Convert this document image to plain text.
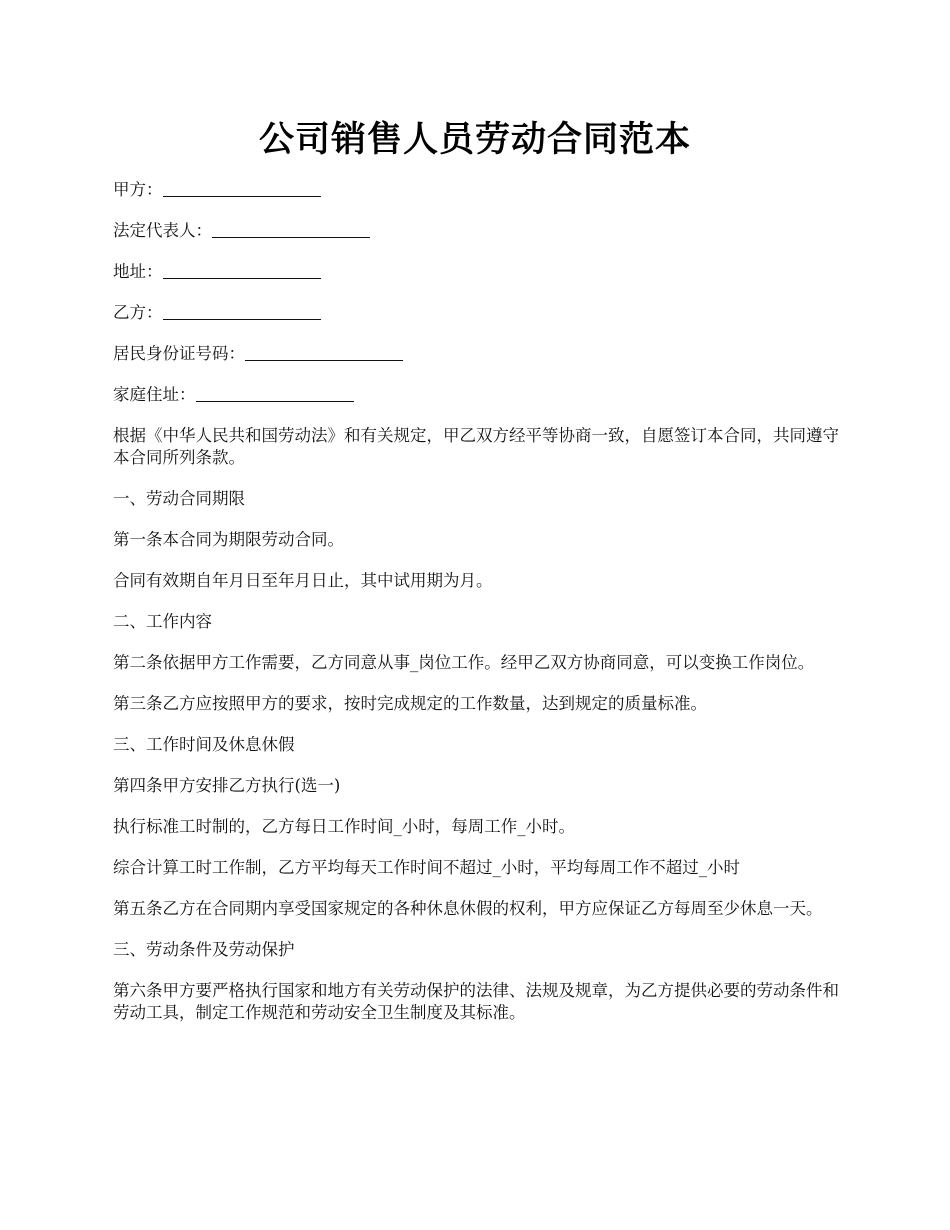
公司销售人员劳动合同范本

甲方：

法定代表人：

地址：

乙方：

居民身份证号码：

家庭住址：

根据《中华人民共和国劳动法》和有关规定，甲乙双方经平等协商一致，自愿签订本合同，共同遵守本合同所列条款。

一、劳动合同期限

第一条本合同为期限劳动合同。

合同有效期自年月日至年月日止，其中试用期为月。

二、工作内容

第二条依据甲方工作需要，乙方同意从事_岗位工作。经甲乙双方协商同意，可以变换工作岗位。

第三条乙方应按照甲方的要求，按时完成规定的工作数量，达到规定的质量标准。

三、工作时间及休息休假

第四条甲方安排乙方执行(选一)

执行标准工时制的，乙方每日工作时间_小时，每周工作_小时。

综合计算工时工作制，乙方平均每天工作时间不超过_小时，平均每周工作不超过_小时

第五条乙方在合同期内享受国家规定的各种休息休假的权利，甲方应保证乙方每周至少休息一天。

三、劳动条件及劳动保护

第六条甲方要严格执行国家和地方有关劳动保护的法律、法规及规章，为乙方提供必要的劳动条件和劳动工具，制定工作规范和劳动安全卫生制度及其标准。
